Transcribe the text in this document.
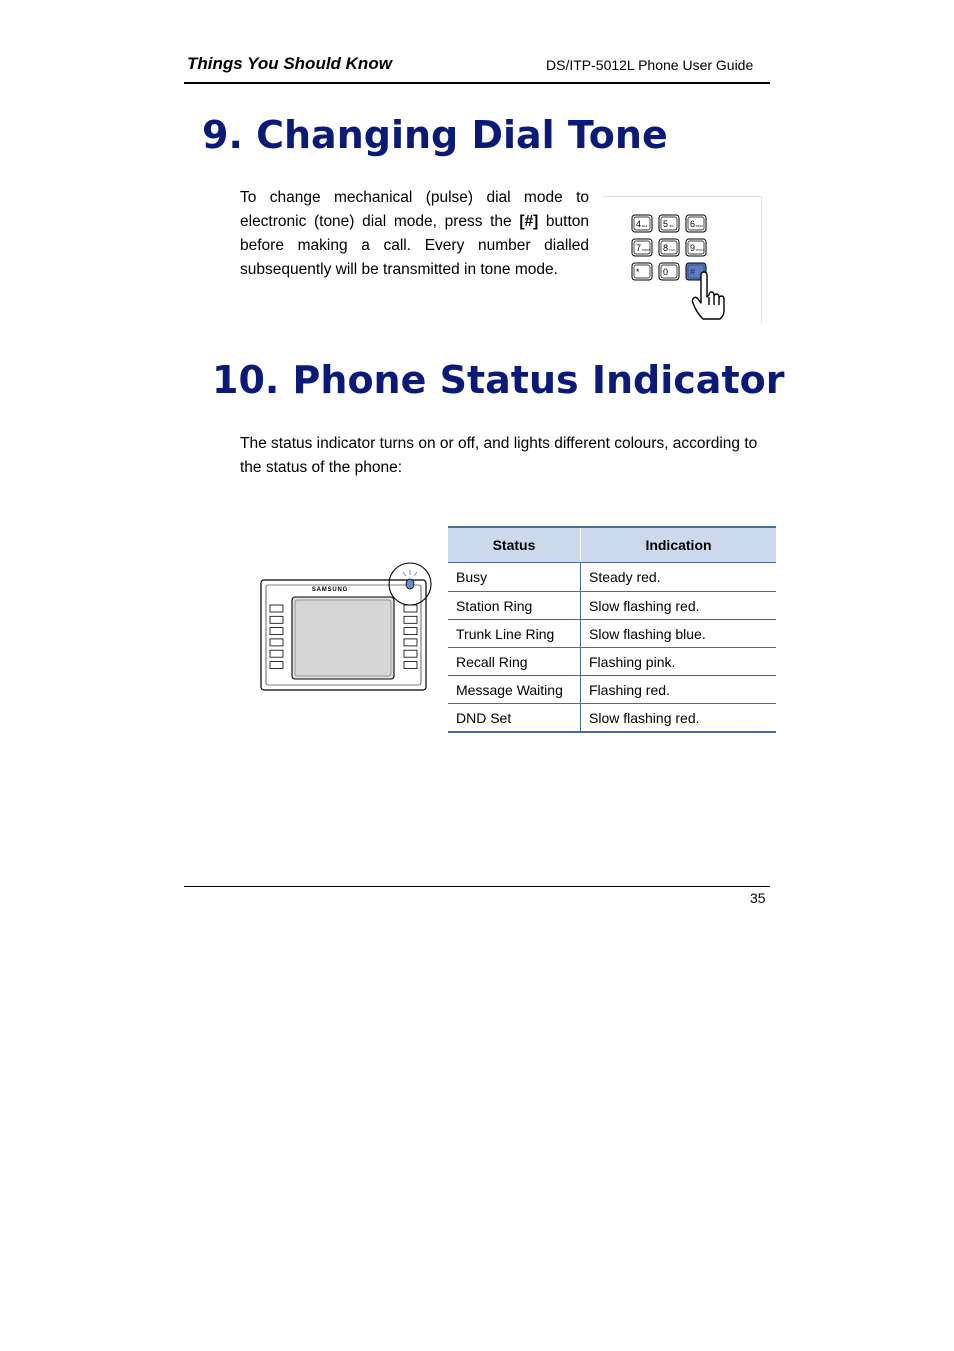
Things You Should Know	DS/ITP-5012L Phone User Guide
9. Changing Dial Tone
To change mechanical (pulse) dial mode to electronic (tone) dial mode, press the [#] button before making a call. Every number dialled subsequently will be transmitted in tone mode.
4 GHI 5 JKL 6 MNO
7 PQRS 8 TUV 9 WXYZ
*	0 #
10. Phone Status Indicator
The status indicator turns on or off, and lights different colours, according to the status of the phone:
SAMSUNG
Status	Indication
Busy	Steady red.
Station Ring	Slow flashing red.
Trunk Line Ring	Slow flashing blue.
Recall Ring	Flashing pink.
Message Waiting	Flashing red.
DND Set	Slow flashing red.
35
